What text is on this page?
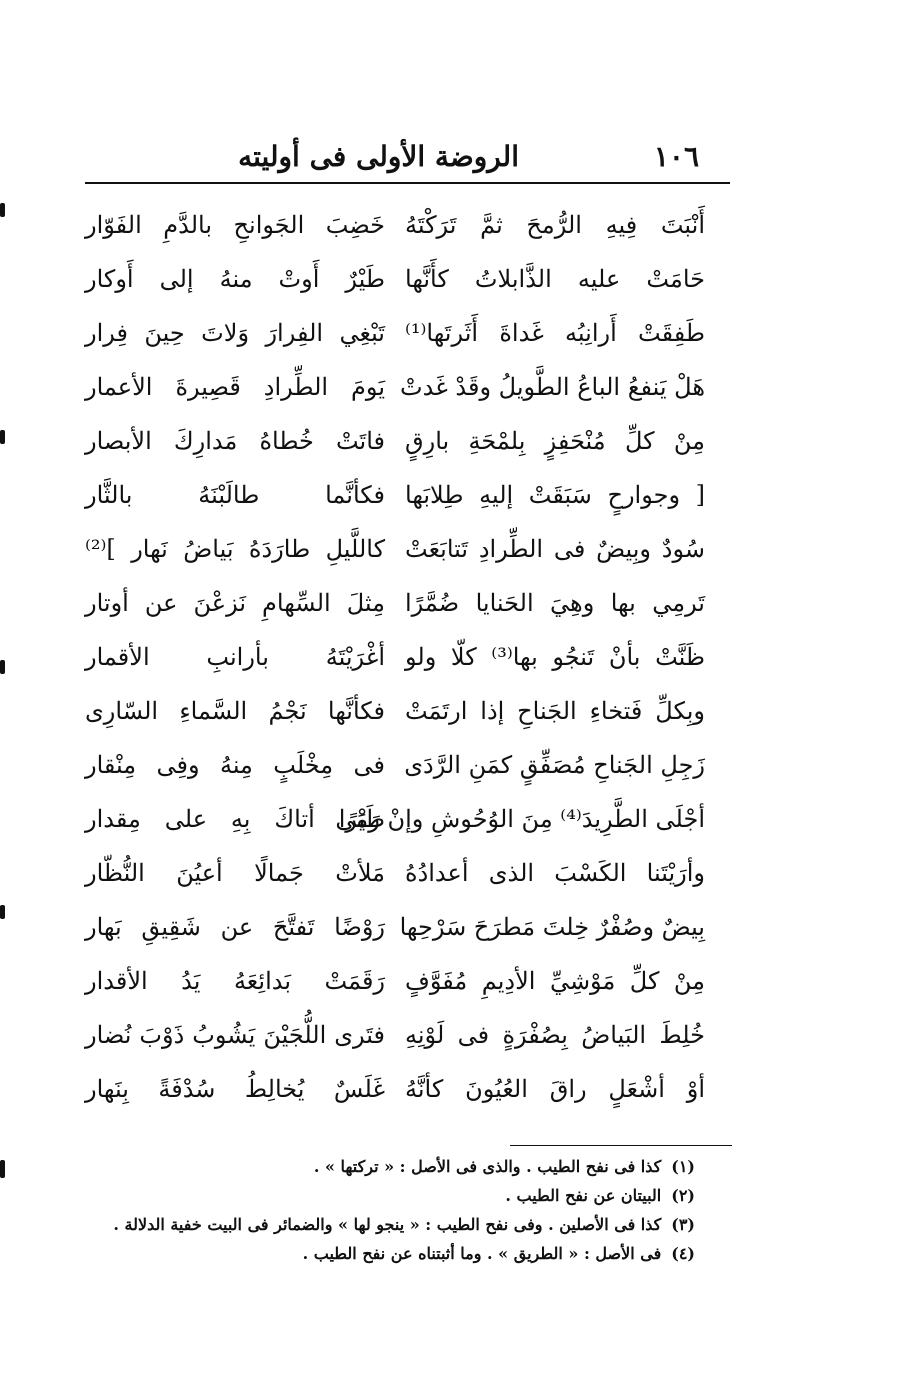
١٠٦
الروضة الأولى فى أوليته
أَنْبَتَ فِيهِ الرُّمحَ ثمَّ تَرَكْتَهُ
خَضِبَ الجَوانحِ بالدَّمِ الفَوّار
حَامَتْ عليه الذَّابلاتُ كأَنَّها
طَيْرٌ أَوتْ منهُ إلى أَوكار
طَفِقَتْ أَرانِبُه غَداةَ أَثَرتَها⁽¹⁾
تَبْغِي الفِرارَ وَلاتَ حِينَ فِرار
هَلْ يَنفعُ الباعُ الطَّويلُ وقَدْ غَدتْ
يَومَ الطِّرادِ قَصِيرةَ الأعمار
مِنْ كلِّ مُنْحَفِزٍ بِلمْحَةِ بارِقٍ
فاتَتْ خُطاهُ مَدارِكَ الأبصار
[ وجوارحٍ سَبَقَتْ إليهِ طِلابَها
فكأنَّما طالَبْنَهُ بالثَّار
سُودٌ وبِيضٌ فى الطِّرادِ تَتابَعَتْ
كاللَّيلِ طارَدَهُ بَياضُ نَهار ]⁽²⁾
تَرمِي بها وهِيَ الحَنايا ضُمَّرًا
مِثلَ السِّهامِ نَزعْنَ عن أوتار
ظَنَّتْ بأنْ تَنجُو بها⁽³⁾ كلّا ولو
أغْرَيْتَهُ بأرانبِ الأقمار
وبِكلِّ فَتخاءِ الجَناحِ إذا ارتَمَتْ
فكأنَّها نَجْمُ السَّماءِ السّارِى
زَجِلِ الجَناحِ مُصَفِّقٍ كمَنِ الرَّدَى
فى مِخْلَبٍ مِنهُ وفِى مِنْقار
أجْلَى الطَّرِيدَ⁽⁴⁾ مِنَ الوُحُوشِ وإنْ رَمَى
طَيْرًا أتاكَ بِهِ على مِقدار
وأرَيْتَنا الكَسْبَ الذى أعدادُهُ
مَلأتْ جَمالًا أعيُنَ النُّظّار
بِيضٌ وصُفْرٌ خِلتَ مَطرَحَ سَرْحِها
رَوْضًا تَفتَّحَ عن شَقِيقِ بَهار
مِنْ كلِّ مَوْشِيِّ الأدِيمِ مُفَوَّفٍ
رَقَمَتْ بَدائِعَهُ يَدُ الأقدار
خُلِطَ البَياضُ بِصُفْرَةٍ فى لَوْنِهِ
فتَرى اللُّجَيْنَ يَشُوبُ ذَوْبَ نُضار
أوْ أشْعَلٍ راقَ العُيُونَ كأنَّهُ
غَلَسٌ يُخالِطُ سُدْفَةً بِنَهار
(١)كذا فى نفح الطيب . والذى فى الأصل : « تركتها » .
(٢)البيتان عن نفح الطيب .
(٣)كذا فى الأصلين . وفى نفح الطيب : « ينجو لها » والضمائر فى البيت خفية الدلالة .
(٤)فى الأصل : « الطريق » . وما أثبتناه عن نفح الطيب .
